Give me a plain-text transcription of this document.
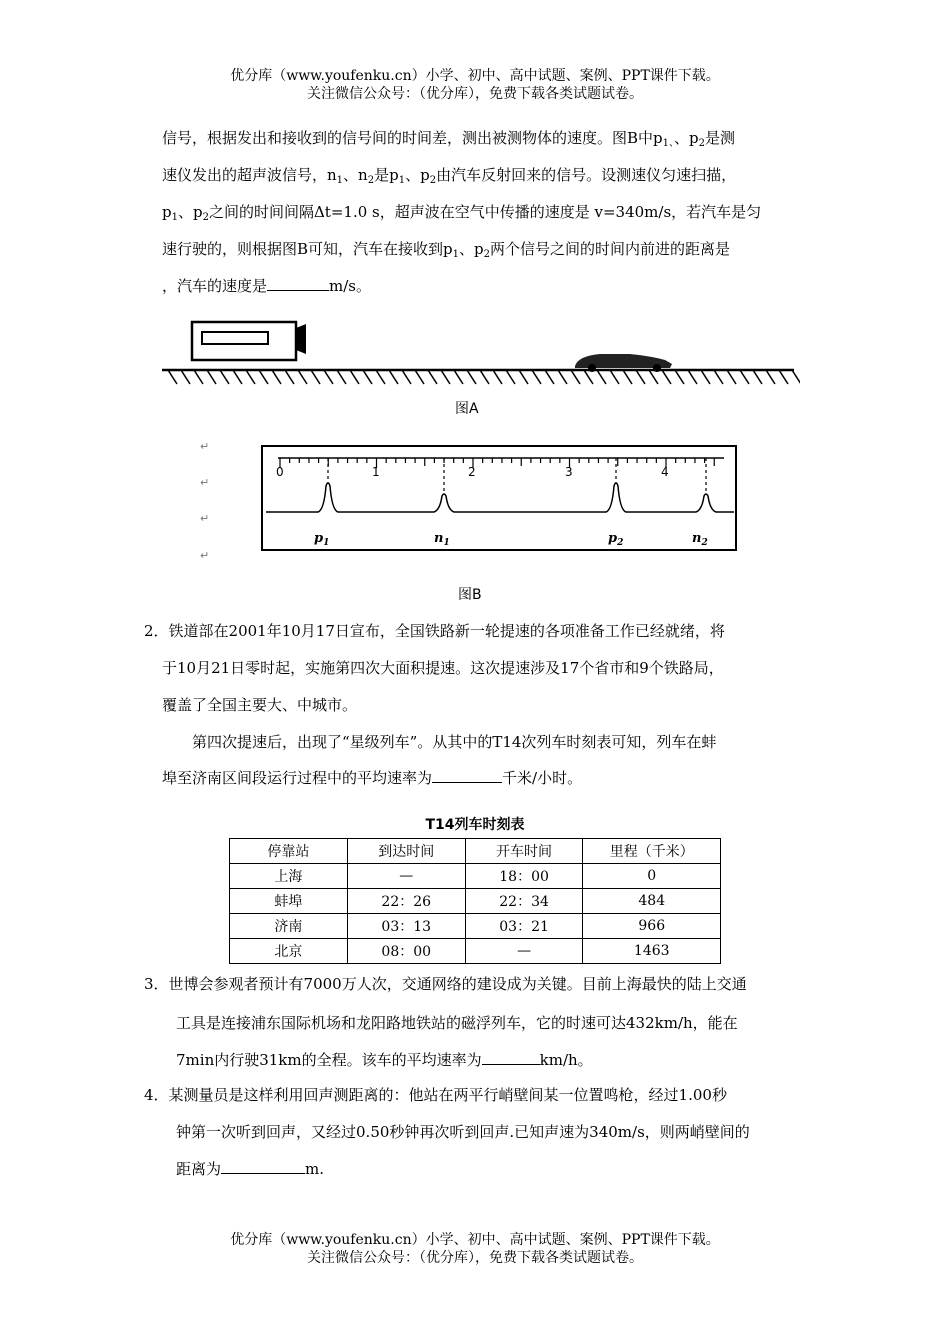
优分库（www.youfenku.cn）小学、初中、高中试题、案例、PPT课件下载。
关注微信公众号：（优分库），免费下载各类试题试卷。
信号，根据发出和接收到的信号间的时间差，测出被测物体的速度。图B中$p_{1、}$、$p_2$是测
速仪发出的超声波信号，$n_1$、$n_2$是$p_1$、$p_2$由汽车反射回来的信号。设测速仪匀速扫描，
$p_1$、$p_2$之间的时间间隔Δt=1.0 s，超声波在空气中传播的速度是 v=340m/s，若汽车是匀
速行驶的，则根据图B可知，汽车在接收到$p_1$、$p_2$两个信号之间的时间内前进的距离是
，汽车的速度是	m/s。
图A
↵
↵
↵
↵
0	1	2	3	4
$p_1$	$n_1$	$p_2$	$n_2$
图B
2．铁道部在2001年10月17日宣布，全国铁路新一轮提速的各项准备工作已经就绪，将
于10月21日零时起，实施第四次大面积提速。这次提速涉及17个省市和9个铁路局，
覆盖了全国主要大、中城市。
第四次提速后，出现了“星级列车”。从其中的T14次列车时刻表可知，列车在蚌
埠至济南区间段运行过程中的平均速率为	千米/小时。
T14列车时刻表
停靠站	到达时间	开车时间	里程（千米）
上海	—	18：00	0
蚌埠	22：26	22：34	484
济南	03：13	03：21	966
北京	08：00	—	1463
3．世博会参观者预计有7000万人次，交通网络的建设成为关键。目前上海最快的陆上交通
工具是连接浦东国际机场和龙阳路地铁站的磁浮列车，它的时速可达432km/h，能在
7min内行驶31km的全程。该车的平均速率为	km/h。
4．某测量员是这样利用回声测距离的：他站在两平行峭壁间某一位置鸣枪，经过1.00秒
钟第一次听到回声，又经过0.50秒钟再次听到回声.已知声速为340m/s，则两峭壁间的
距离为	m.
优分库（www.youfenku.cn）小学、初中、高中试题、案例、PPT课件下载。
关注微信公众号：（优分库），免费下载各类试题试卷。
